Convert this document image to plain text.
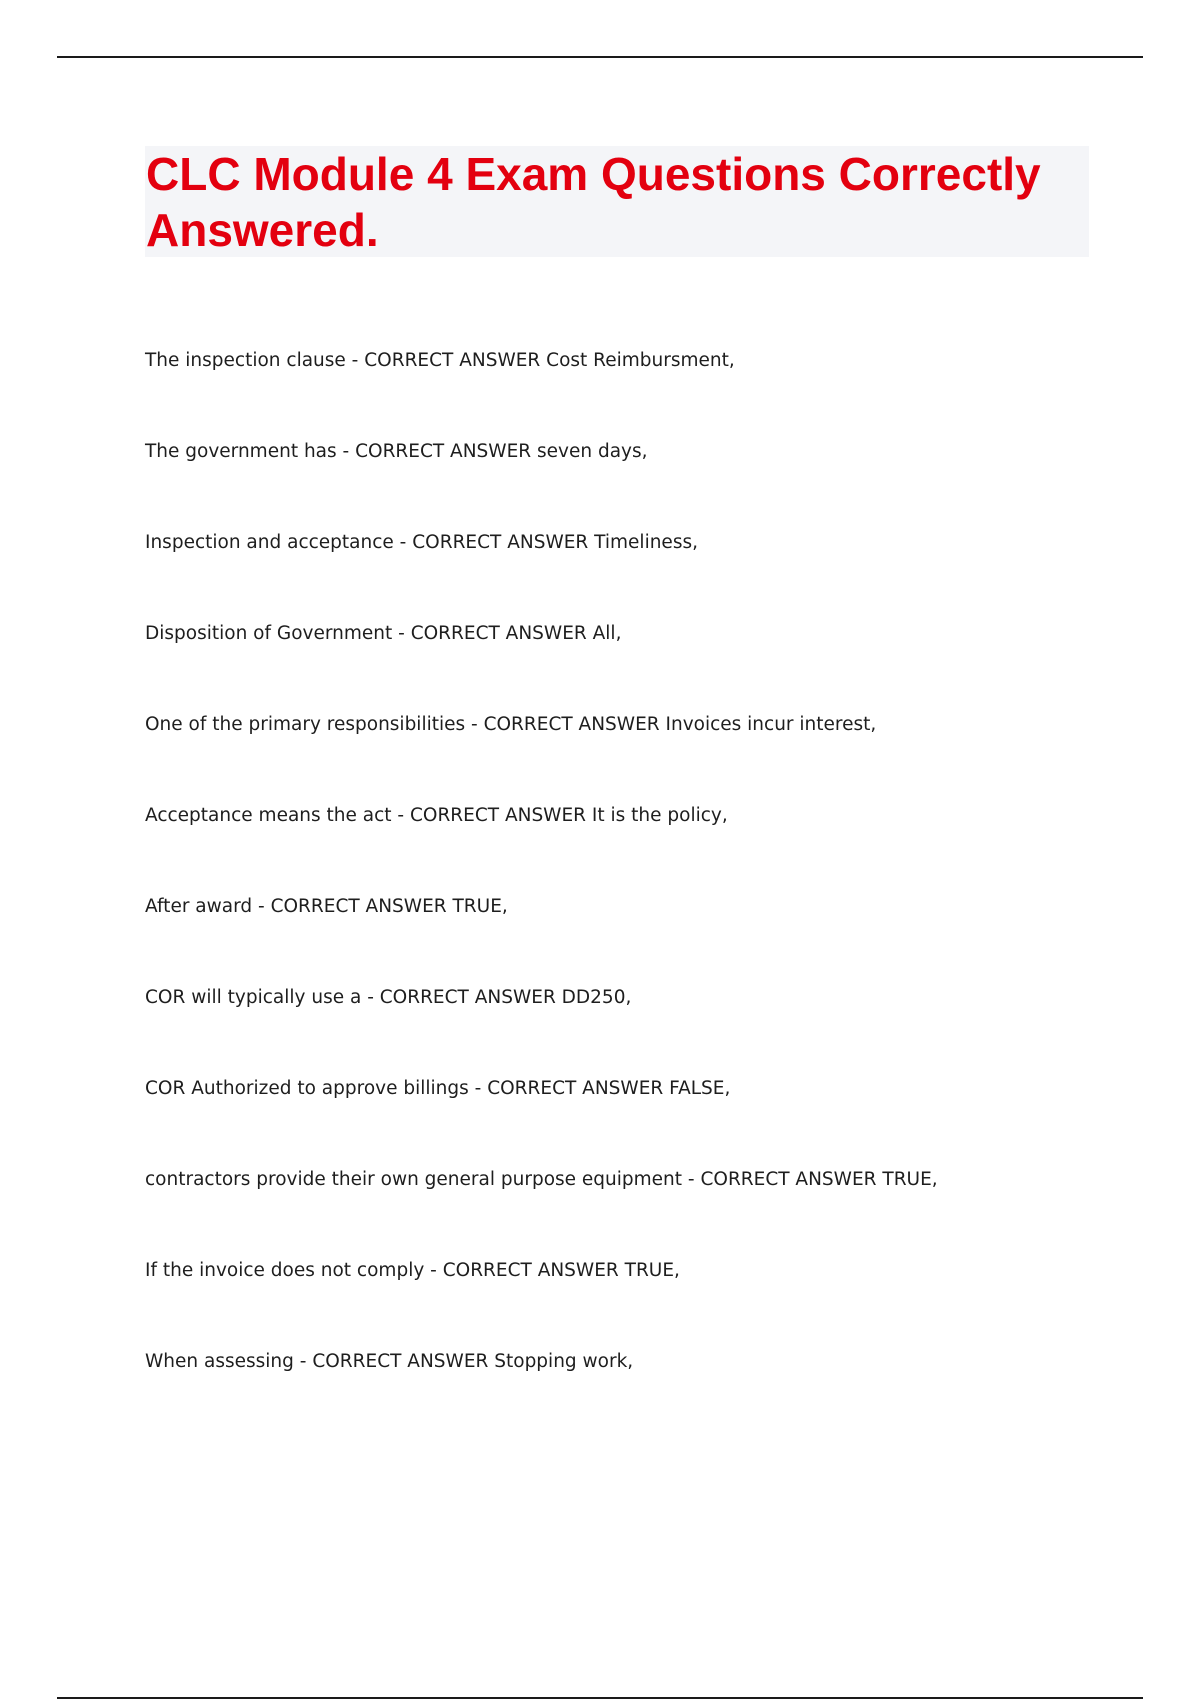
CLC Module 4 Exam Questions Correctly Answered.
The inspection clause - CORRECT ANSWER Cost Reimbursment,
The government has - CORRECT ANSWER seven days,
Inspection and acceptance - CORRECT ANSWER Timeliness,
Disposition of Government - CORRECT ANSWER All,
One of the primary responsibilities - CORRECT ANSWER Invoices incur interest,
Acceptance means the act - CORRECT ANSWER It is the policy,
After award - CORRECT ANSWER TRUE,
COR will typically use a - CORRECT ANSWER DD250,
COR Authorized to approve billings - CORRECT ANSWER FALSE,
contractors provide their own general purpose equipment - CORRECT ANSWER TRUE,
If the invoice does not comply - CORRECT ANSWER TRUE,
When assessing - CORRECT ANSWER Stopping work,
